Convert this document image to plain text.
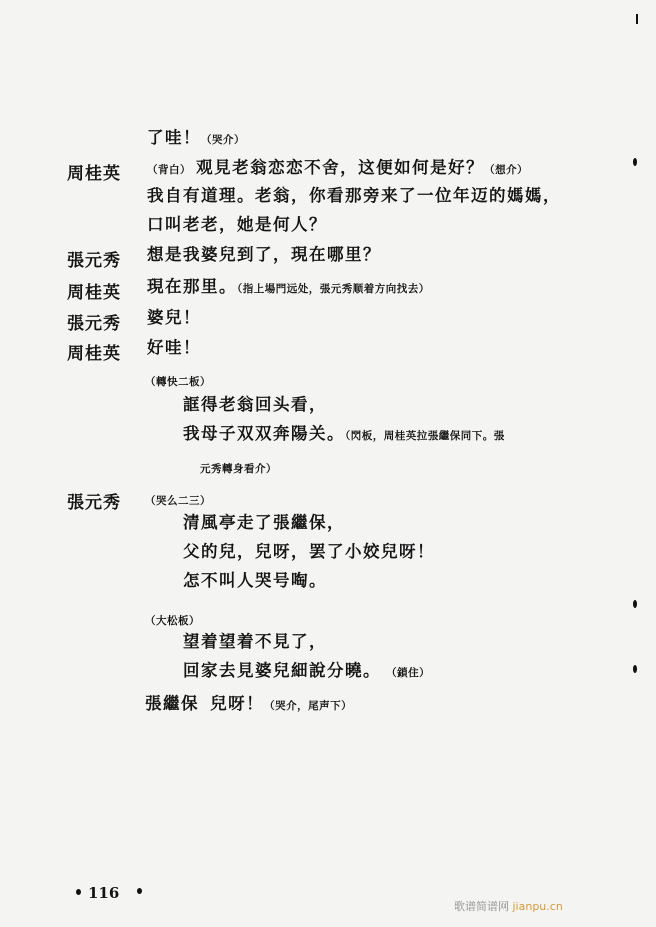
了哇！（哭介）
周桂英 （背白） 观見老翁恋恋不舍，这便如何是好？（想介）
我自有道理。老翁，你看那旁来了一位年迈的媽媽，
口叫老老，她是何人？
張元秀 想是我婆兒到了，現在哪里？
周桂英 現在那里。（指上場門远处，張元秀顺着方向找去）
張元秀 婆兒！
周桂英 好哇！
（轉快二板）
誆得老翁回头看，
我母子双双奔陽关。（閃板，周桂英拉張繼保同下。張
元秀轉身看介）
張元秀 （哭么二三）
清風亭走了張繼保，
父的兒，兒呀，罢了小姣兒呀！
怎不叫人哭号啕。
（大松板）
望着望着不見了，
回家去見婆兒細說分曉。 （鎖住）
張繼保 兒呀！（哭介，尾声下）
116
歌谱简谱网 jianpu.cn
